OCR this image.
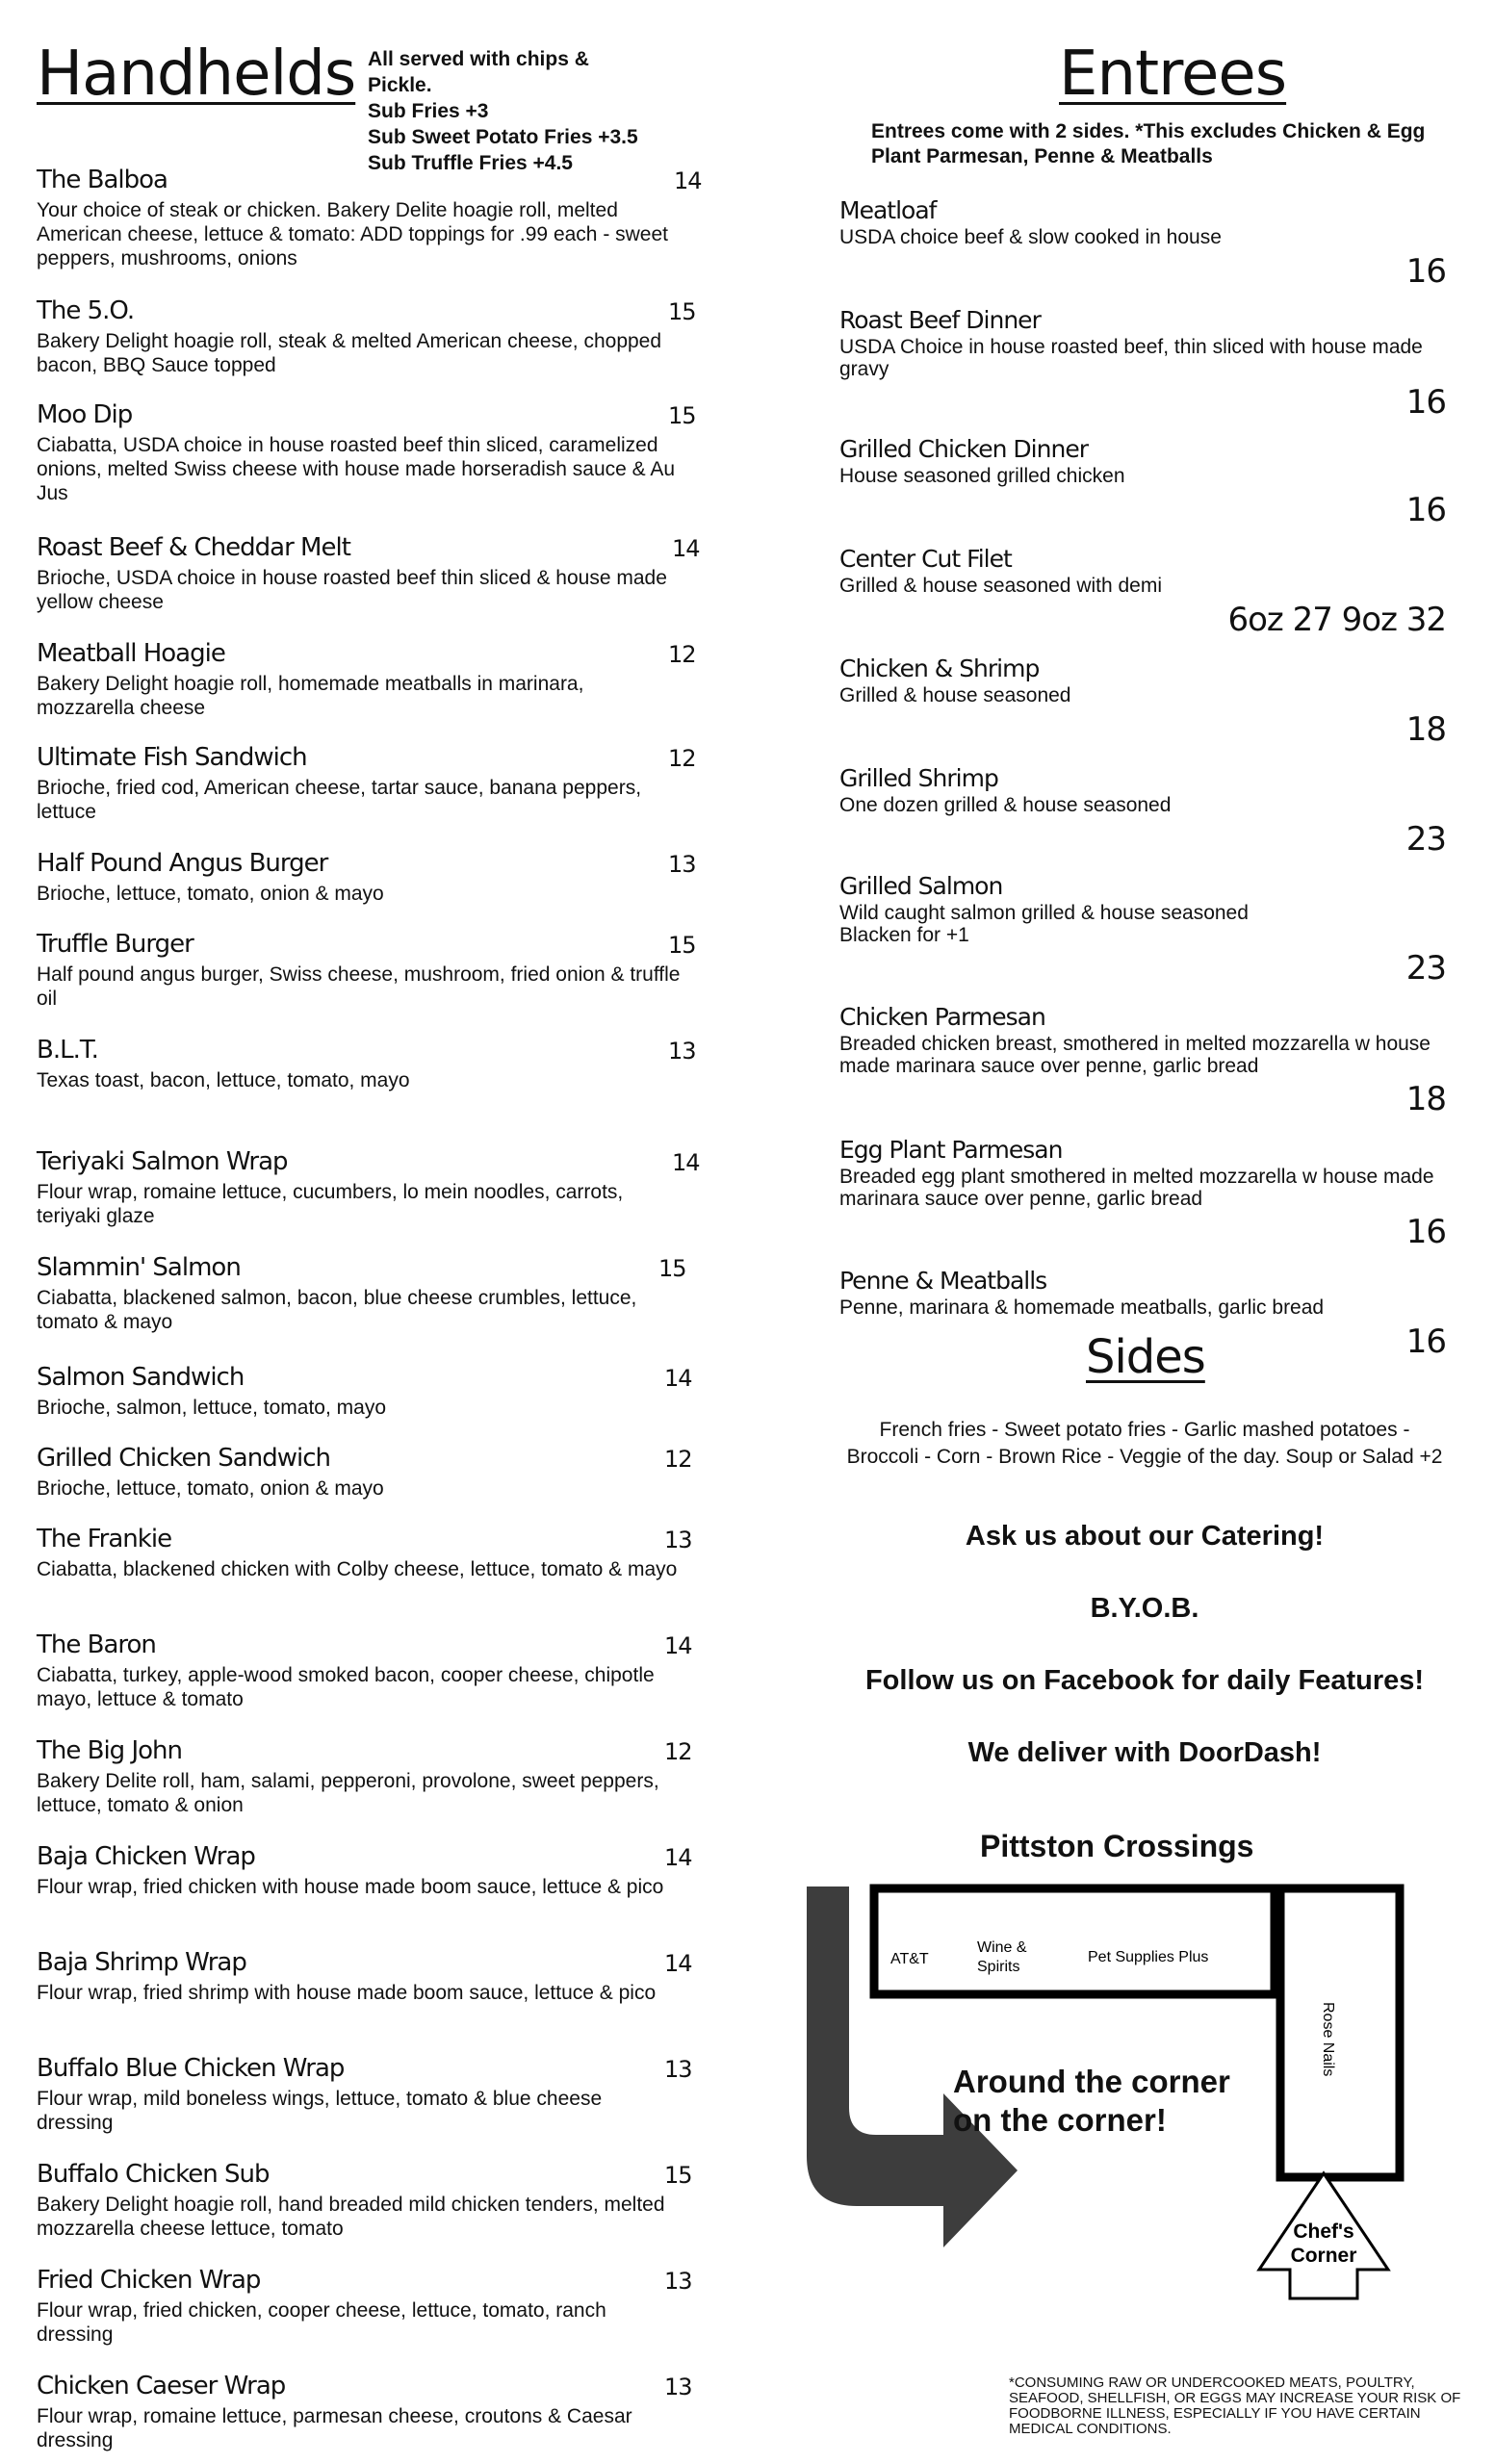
Handhelds All served with chips &
Pickle.
Sub Fries +3
Sub Sweet Potato Fries +3.5
Sub Truffle Fries +4.5
The Balboa	14
Your choice of steak or chicken. Bakery Delite hoagie roll, melted American cheese, lettuce & tomato: ADD toppings for .99 each - sweet peppers, mushrooms, onions
The 5.O.	15
Bakery Delight hoagie roll, steak & melted American cheese, chopped bacon, BBQ Sauce topped
Moo Dip	15
Ciabatta, USDA choice in house roasted beef thin sliced, caramelized onions, melted Swiss cheese with house made horseradish sauce & Au Jus
Roast Beef & Cheddar Melt	14
Brioche, USDA choice in house roasted beef thin sliced & house made yellow cheese
Meatball Hoagie	12
Bakery Delight hoagie roll, homemade meatballs in marinara, mozzarella cheese
Ultimate Fish Sandwich	12
Brioche, fried cod, American cheese, tartar sauce, banana peppers, lettuce
Half Pound Angus Burger	13
Brioche, lettuce, tomato, onion & mayo
Truffle Burger	15
Half pound angus burger, Swiss cheese, mushroom, fried onion & truffle oil
B.L.T.	13
Texas toast, bacon, lettuce, tomato, mayo
Teriyaki Salmon Wrap	14
Flour wrap, romaine lettuce, cucumbers, lo mein noodles, carrots, teriyaki glaze
Slammin' Salmon	15
Ciabatta, blackened salmon, bacon, blue cheese crumbles, lettuce, tomato & mayo
Salmon Sandwich	14
Brioche, salmon, lettuce, tomato, mayo
Grilled Chicken Sandwich	12
Brioche, lettuce, tomato, onion & mayo
The Frankie	13
Ciabatta, blackened chicken with Colby cheese, lettuce, tomato & mayo
The Baron	14
Ciabatta, turkey, apple-wood smoked bacon, cooper cheese, chipotle mayo, lettuce & tomato
The Big John	12
Bakery Delite roll, ham, salami, pepperoni, provolone, sweet peppers, lettuce, tomato & onion
Baja Chicken Wrap	14
Flour wrap, fried chicken with house made boom sauce, lettuce & pico
Baja Shrimp Wrap	14
Flour wrap, fried shrimp with house made boom sauce, lettuce & pico
Buffalo Blue Chicken Wrap	13
Flour wrap, mild boneless wings, lettuce, tomato & blue cheese dressing
Buffalo Chicken Sub	15
Bakery Delight hoagie roll, hand breaded mild chicken tenders, melted mozzarella cheese lettuce, tomato
Fried Chicken Wrap	13
Flour wrap, fried chicken, cooper cheese, lettuce, tomato, ranch dressing
Chicken Caeser Wrap	13
Flour wrap, romaine lettuce, parmesan cheese, croutons & Caesar dressing
Entrees
Entrees come with 2 sides. *This excludes Chicken & Egg Plant Parmesan, Penne & Meatballs
Meatloaf
USDA choice beef & slow cooked in house
16
Roast Beef Dinner
USDA Choice in house roasted beef, thin sliced with house made gravy
16
Grilled Chicken Dinner
House seasoned grilled chicken
16
Center Cut Filet
Grilled & house seasoned with demi
6oz 27 9oz 32
Chicken & Shrimp
Grilled & house seasoned
18
Grilled Shrimp
One dozen grilled & house seasoned
23
Grilled Salmon
Wild caught salmon grilled & house seasoned
Blacken for +1
23
Chicken Parmesan
Breaded chicken breast, smothered in melted mozzarella w house made marinara sauce over penne, garlic bread
18
Egg Plant Parmesan
Breaded egg plant smothered in melted mozzarella w house made marinara sauce over penne, garlic bread
16
Penne & Meatballs
Penne, marinara & homemade meatballs, garlic bread
16
Sides
French fries - Sweet potato fries - Garlic mashed potatoes -
Broccoli - Corn - Brown Rice - Veggie of the day. Soup or Salad +2
Ask us about our Catering!
B.Y.O.B.
Follow us on Facebook for daily Features!
We deliver with DoorDash!
Pittston Crossings
AT&T
Wine &
Spirits
Pet Supplies Plus
Rose Nails
Chef's
Corner
Around the corner
on the corner!
*CONSUMING RAW OR UNDERCOOKED MEATS, POULTRY, SEAFOOD, SHELLFISH, OR EGGS MAY INCREASE YOUR RISK OF FOODBORNE ILLNESS, ESPECIALLY IF YOU HAVE CERTAIN MEDICAL CONDITIONS.
